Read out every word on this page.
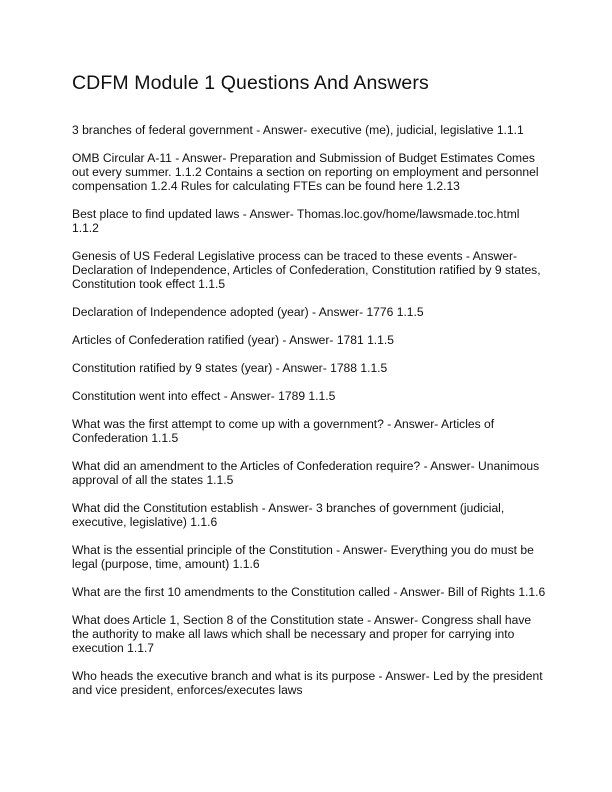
CDFM Module 1 Questions And Answers

3 branches of federal government - Answer- executive (me), judicial, legislative 1.1.1

OMB Circular A-11 - Answer- Preparation and Submission of Budget Estimates Comes out every summer. 1.1.2 Contains a section on reporting on employment and personnel compensation 1.2.4 Rules for calculating FTEs can be found here 1.2.13

Best place to find updated laws - Answer- Thomas.loc.gov/home/lawsmade.toc.html 1.1.2

Genesis of US Federal Legislative process can be traced to these events - Answer- Declaration of Independence, Articles of Confederation, Constitution ratified by 9 states, Constitution took effect 1.1.5

Declaration of Independence adopted (year) - Answer- 1776 1.1.5

Articles of Confederation ratified (year) - Answer- 1781 1.1.5

Constitution ratified by 9 states (year) - Answer- 1788 1.1.5

Constitution went into effect - Answer- 1789 1.1.5

What was the first attempt to come up with a government? - Answer- Articles of Confederation 1.1.5

What did an amendment to the Articles of Confederation require? - Answer- Unanimous approval of all the states 1.1.5

What did the Constitution establish - Answer- 3 branches of government (judicial, executive, legislative) 1.1.6

What is the essential principle of the Constitution - Answer- Everything you do must be legal (purpose, time, amount) 1.1.6

What are the first 10 amendments to the Constitution called - Answer- Bill of Rights 1.1.6

What does Article 1, Section 8 of the Constitution state - Answer- Congress shall have the authority to make all laws which shall be necessary and proper for carrying into execution 1.1.7

Who heads the executive branch and what is its purpose - Answer- Led by the president and vice president, enforces/executes laws
